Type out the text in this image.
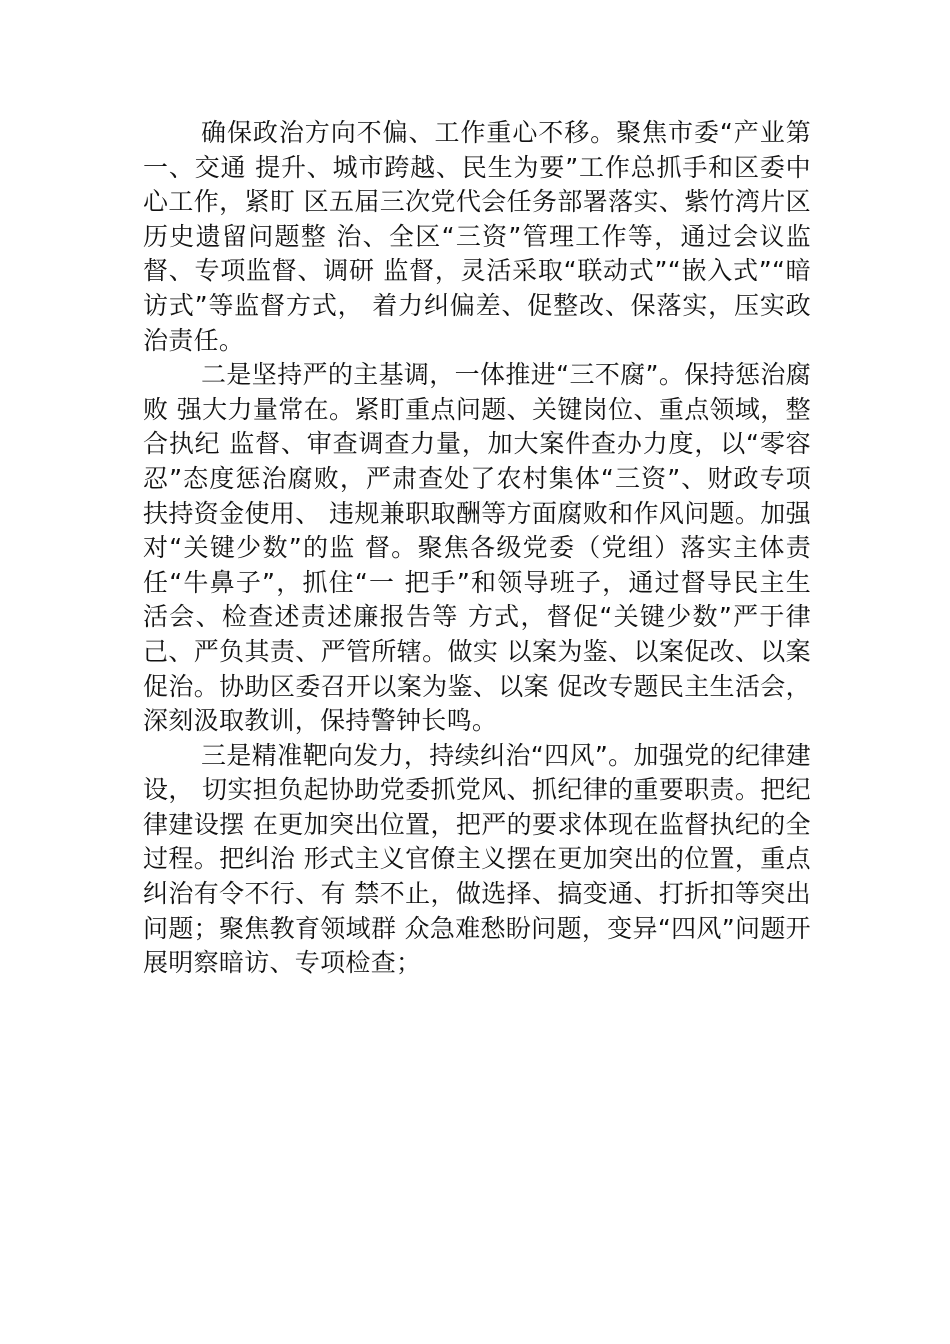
确保政治方向不偏、工作重心不移。聚焦市委“产业第一、交通 提升、城市跨越、民生为要”工作总抓手和区委中心工作，紧盯 区五届三次党代会任务部署落实、紫竹湾片区历史遗留问题整 治、全区“三资”管理工作等，通过会议监督、专项监督、调研 监督，灵活采取“联动式”“嵌入式”“暗访式”等监督方式， 着力纠偏差、促整改、保落实，压实政治责任。

二是坚持严的主基调，一体推进“三不腐”。保持惩治腐败 强大力量常在。紧盯重点问题、关键岗位、重点领域，整合执纪 监督、审查调查力量，加大案件查办力度，以“零容忍”态度惩治腐败，严肃查处了农村集体“三资”、财政专项扶持资金使用、 违规兼职取酬等方面腐败和作风问题。加强对“关键少数”的监 督。聚焦各级党委（党组）落实主体责任“牛鼻子”，抓住“一 把手”和领导班子，通过督导民主生活会、检查述责述廉报告等 方式，督促“关键少数”严于律己、严负其责、严管所辖。做实 以案为鉴、以案促改、以案促治。协助区委召开以案为鉴、以案 促改专题民主生活会，深刻汲取教训，保持警钟长鸣。

三是精准靶向发力，持续纠治“四风”。加强党的纪律建设， 切实担负起协助党委抓党风、抓纪律的重要职责。把纪律建设摆 在更加突出位置，把严的要求体现在监督执纪的全过程。把纠治 形式主义官僚主义摆在更加突出的位置，重点纠治有令不行、有 禁不止，做选择、搞变通、打折扣等突出问题；聚焦教育领域群 众急难愁盼问题，变异“四风”问题开展明察暗访、专项检查；
